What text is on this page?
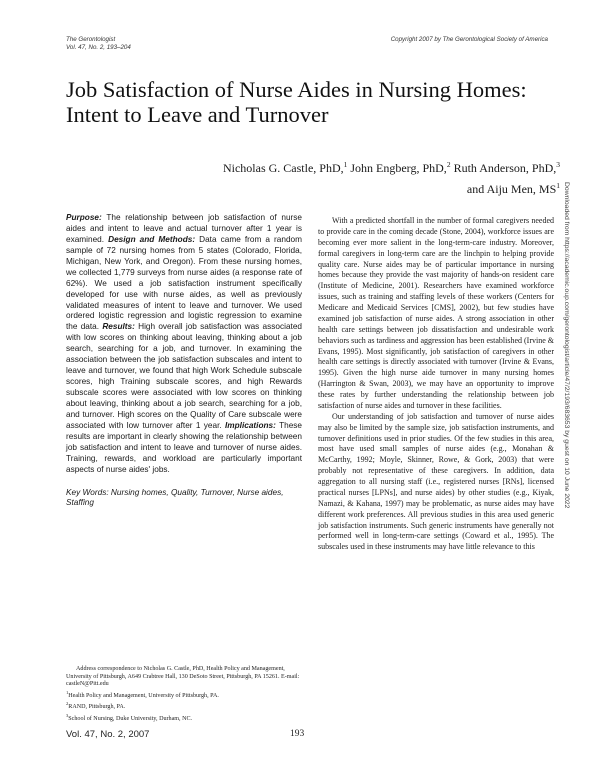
The Gerontologist
Vol. 47, No. 2, 193–204
Copyright 2007 by The Gerontological Society of America
Job Satisfaction of Nurse Aides in Nursing Homes: Intent to Leave and Turnover
Nicholas G. Castle, PhD,$^1$ John Engberg, PhD,$^2$ Ruth Anderson, PhD,$^3$
and Aiju Men, $MS^1$

Purpose: The relationship between job satisfaction of nurse aides and intent to leave and actual turnover after 1 year is examined. Design and Methods: Data came from a random sample of 72 nursing homes from 5 states (Colorado, Florida, Michigan, New York, and Oregon). From these nursing homes, we collected 1,779 surveys from nurse aides (a response rate of 62%). We used a job satisfaction instrument specifically developed for use with nurse aides, as well as previously validated measures of intent to leave and turnover. We used ordered logistic regression and logistic regression to examine the data. Results: High overall job satisfaction was associated with low scores on thinking about leaving, thinking about a job search, searching for a job, and turnover. In examining the association between the job satisfaction subscales and intent to leave and turnover, we found that high Work Schedule subscale scores, high Training subscale scores, and high Rewards subscale scores were associated with low scores on thinking about leaving, thinking about a job search, searching for a job, and turnover. High scores on the Quality of Care subscale were associated with low turnover after 1 year. Implications: These results are important in clearly showing the relationship between job satisfaction and intent to leave and turnover of nurse aides. Training, rewards, and workload are particularly important aspects of nurse aides' jobs.

Key Words: Nursing homes, Quality, Turnover, Nurse aides, Staffing

With a predicted shortfall in the number of formal caregivers needed to provide care in the coming decade (Stone, 2004), workforce issues are becoming ever more salient in the long-term-care industry. Moreover, formal caregivers in long-term care are the linchpin to helping provide quality care. Nurse aides may be of particular importance in nursing homes because they provide the vast majority of hands-on resident care (Institute of Medicine, 2001). Researchers have examined workforce issues, such as training and staffing levels of these workers (Centers for Medicare and Medicaid Services [CMS], 2002), but few studies have examined job satisfaction of nurse aides. A strong association in other health care settings between job dissatisfaction and undesirable work behaviors such as tardiness and aggression has been established (Irvine & Evans, 1995). Most significantly, job satisfaction of caregivers in other health care settings is directly associated with turnover (Irvine & Evans, 1995). Given the high nurse aide turnover in many nursing homes (Harrington & Swan, 2003), we may have an opportunity to improve these rates by further understanding the relationship between job satisfaction of nurse aides and turnover in these facilities.

Our understanding of job satisfaction and turnover of nurse aides may also be limited by the sample size, job satisfaction instruments, and turnover definitions used in prior studies. Of the few studies in this area, most have used small samples of nurse aides (e.g., Monahan & McCarthy, 1992; Moyle, Skinner, Rowe, & Gork, 2003) that were probably not representative of these caregivers. In addition, data aggregation to all nursing staff (i.e., registered nurses [RNs], licensed practical nurses [LPNs], and nurse aides) by other studies (e.g., Kiyak, Namazi, & Kahana, 1997) may be problematic, as nurse aides may have different work preferences. All previous studies in this area used generic job satisfaction instruments. Such generic instruments have generally not performed well in long-term-care settings (Coward et al., 1995). The subscales used in these instruments may have little relevance to this

Address correspondence to Nicholas G. Castle, PhD, Health Policy and Management, University of Pittsburgh, A649 Crabtree Hall, 130 DeSoto Street, Pittsburgh, PA 15261. E-mail: castleN@Pitt.edu

$^1$Health Policy and Management, University of Pittsburgh, PA.

$^2$RAND, Pittsburgh, PA.

$^3$School of Nursing, Duke University, Durham, NC.

Vol. 47, No. 2, 2007	193
Downloaded from https://academic.oup.com/gerontologist/article/47/2/193/683653 by guest on 10 June 2022
